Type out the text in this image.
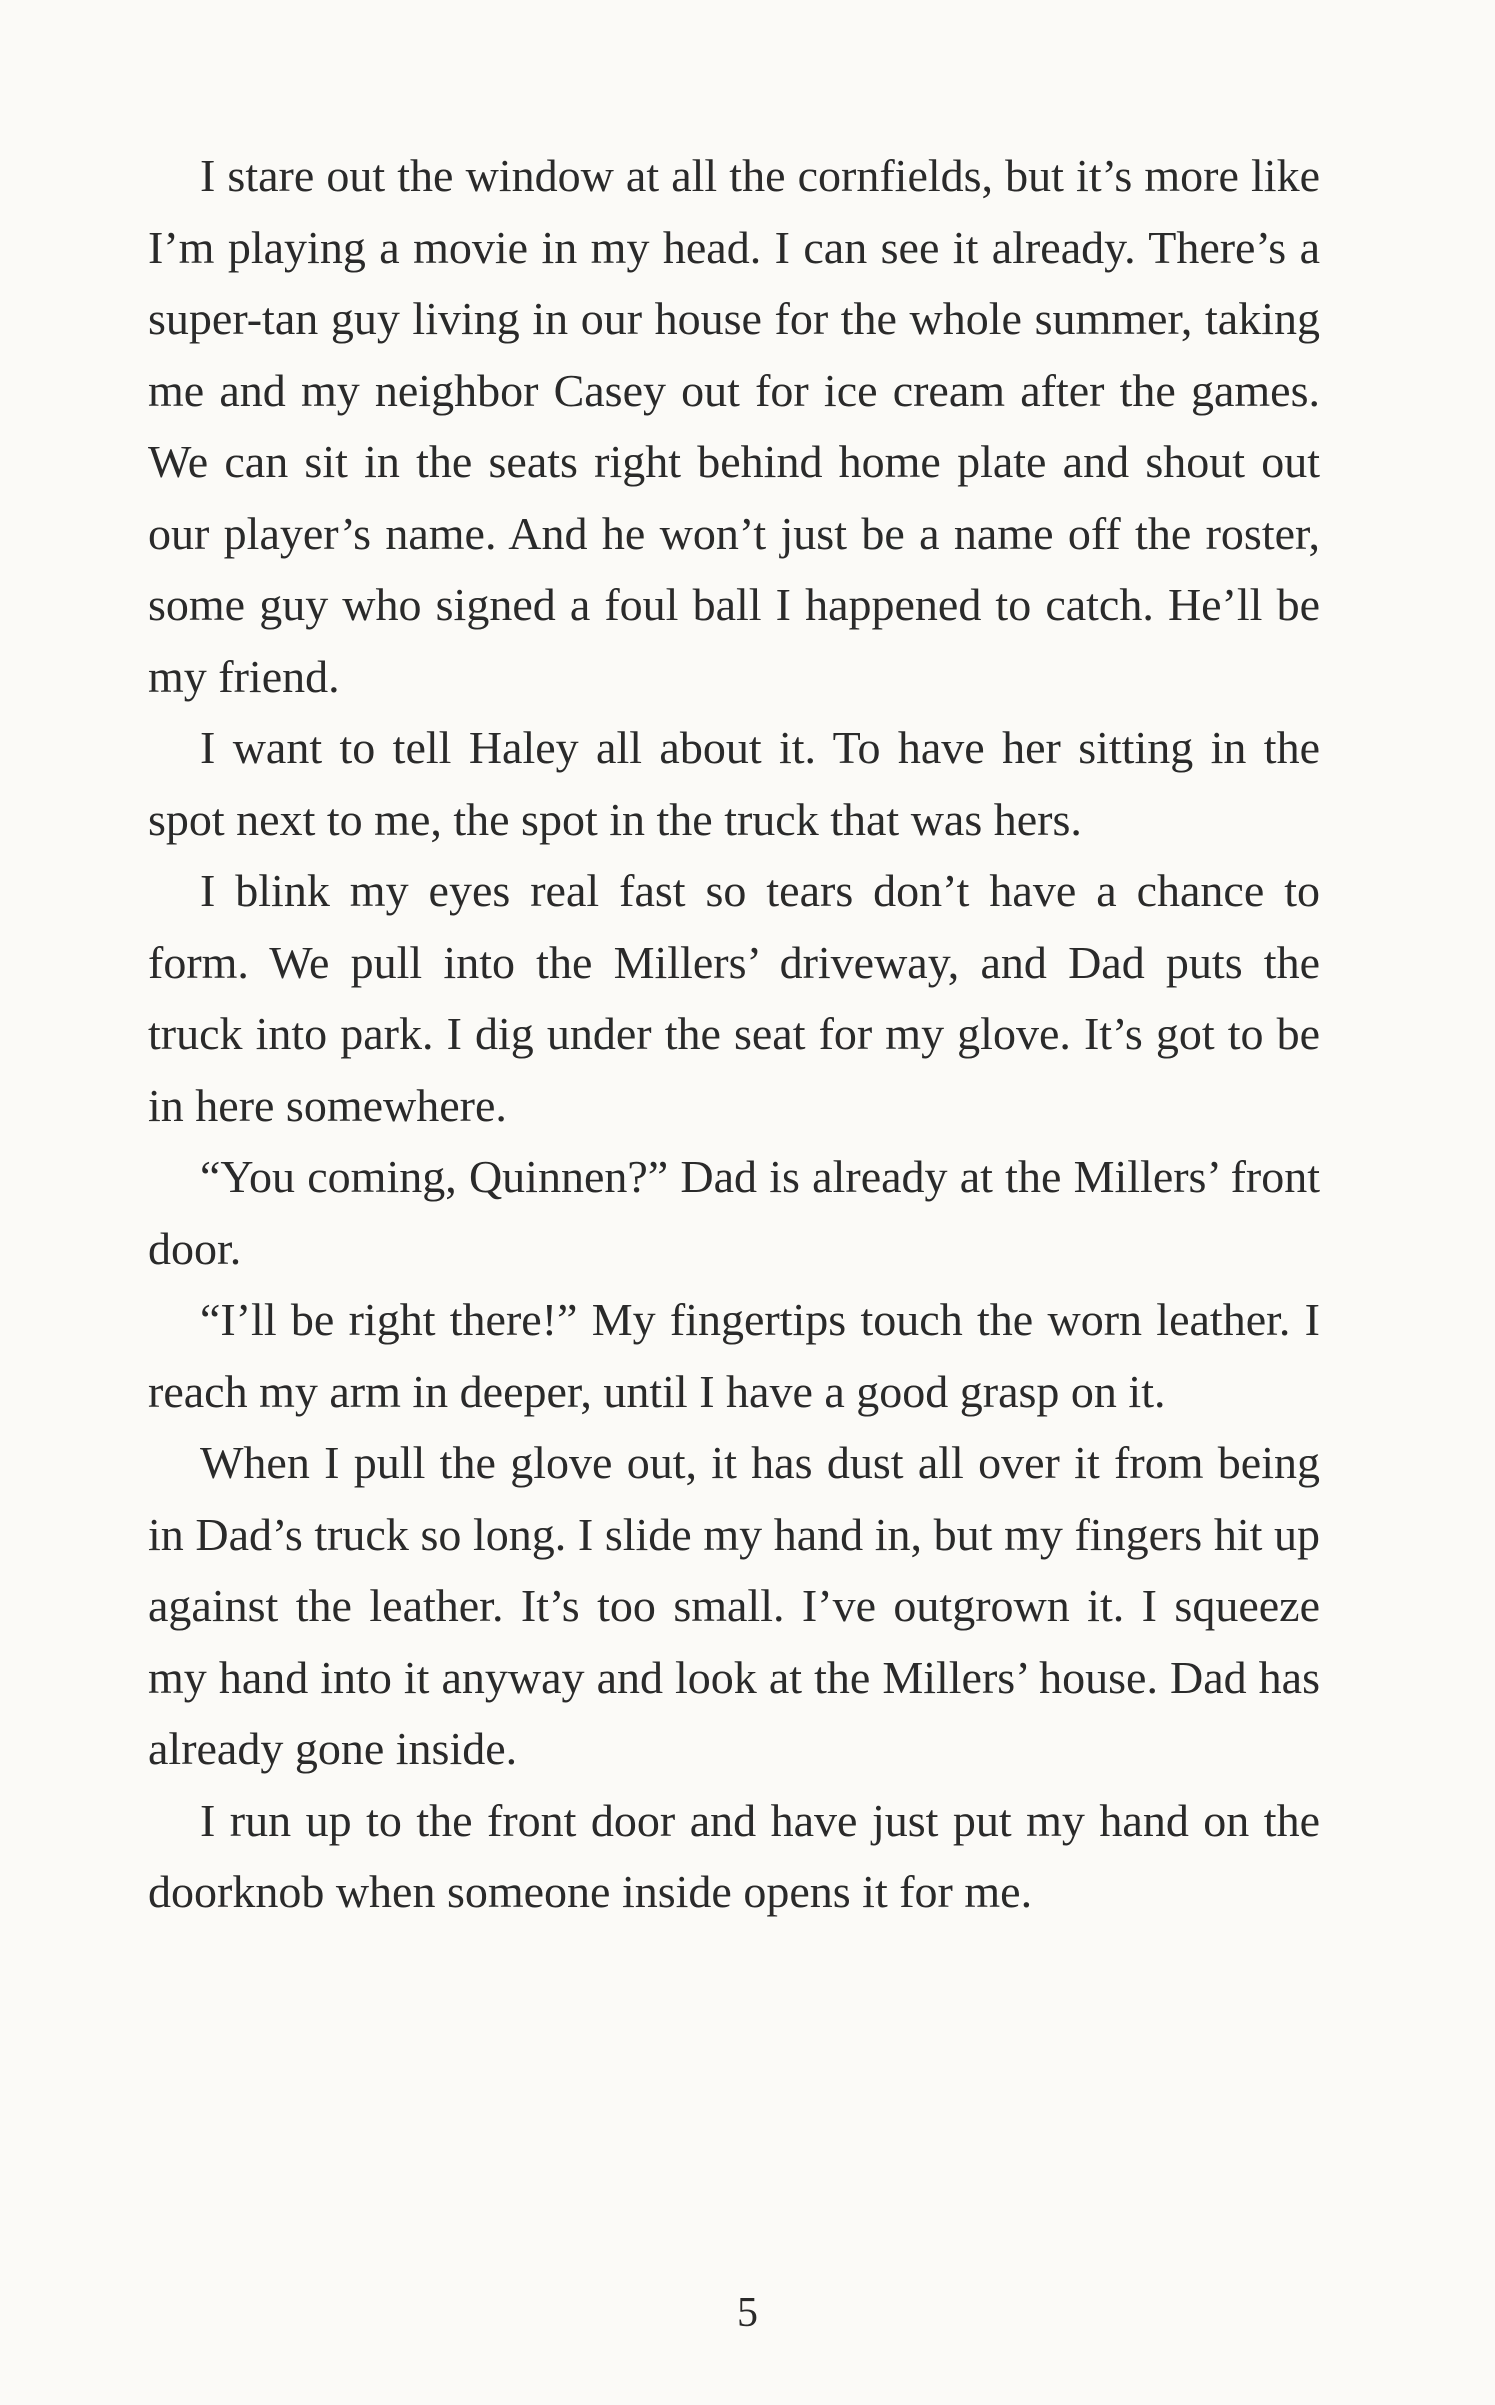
I stare out the window at all the cornfields, but it’s more like I’m playing a movie in my head. I can see it already. There’s a super-tan guy living in our house for the whole summer, taking me and my neighbor Casey out for ice cream after the games. We can sit in the seats right behind home plate and shout out our player’s name. And he won’t just be a name off the roster, some guy who signed a foul ball I happened to catch. He’ll be my friend.

I want to tell Haley all about it. To have her sitting in the spot next to me, the spot in the truck that was hers.

I blink my eyes real fast so tears don’t have a chance to form. We pull into the Millers’ driveway, and Dad puts the truck into park. I dig under the seat for my glove. It’s got to be in here somewhere.

“You coming, Quinnen?” Dad is already at the Millers’ front door.

“I’ll be right there!” My fingertips touch the worn leather. I reach my arm in deeper, until I have a good grasp on it.

When I pull the glove out, it has dust all over it from being in Dad’s truck so long. I slide my hand in, but my fingers hit up against the leather. It’s too small. I’ve outgrown it. I squeeze my hand into it anyway and look at the Millers’ house. Dad has already gone inside.

I run up to the front door and have just put my hand on the doorknob when someone inside opens it for me.

5
